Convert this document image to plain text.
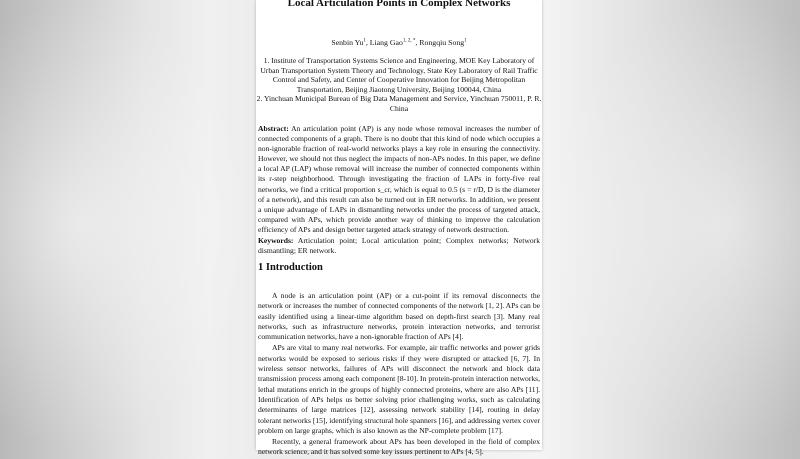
Local Articulation Points in Complex Networks
Senbin Yu$^1$, Liang Gao$^{1, 2, *}$, Rongqiu Song$^1$

1. Institute of Transportation Systems Science and Engineering, MOE Key Laboratory of Urban Transportation System Theory and Technology, State Key Laboratory of Rail Traffic Control and Safety, and Center of Cooperative Innovation for Beijing Metropolitan Transportation, Beijing Jiaotong University, Beijing 100044, China

2. Yinchuan Municipal Bureau of Big Data Management and Service, Yinchuan 750011, P. R. China

Abstract: An articulation point (AP) is any node whose removal increases the number of connected components of a graph. There is no doubt that this kind of node which occupies a non-ignorable fraction of real-world networks plays a key role in ensuring the connectivity. However, we should not thus neglect the impacts of non-APs nodes. In this paper, we define a local AP (LAP) whose removal will increase the number of connected components within its r-step neighborhood. Through investigating the fraction of LAPs in forty-five real networks, we find a critical proportion s_cr, which is equal to 0.5 (s = r/D, D is the diameter of a network), and this result can also be turned out in ER networks. In addition, we present a unique advantage of LAPs in dismantling networks under the process of targeted attack, compared with APs, which provide another way of thinking to improve the calculation efficiency of APs and design better targeted attack strategy of network destruction.

Keywords: Articulation point; Local articulation point; Complex networks; Network dismantling; ER network.

1 Introduction

A node is an articulation point (AP) or a cut-point if its removal disconnects the network or increases the number of connected components of the network [1, 2]. APs can be easily identified using a linear-time algorithm based on depth-first search [3]. Many real networks, such as infrastructure networks, protein interaction networks, and terrorist communication networks, have a non-ignorable fraction of APs [4].

APs are vital to many real networks. For example, air traffic networks and power grids networks would be exposed to serious risks if they were disrupted or attacked [6, 7]. In wireless sensor networks, failures of APs will disconnect the network and block data transmission process among each component [8-10]. In protein-protein interaction networks, lethal mutations enrich in the groups of highly connected proteins, where are also APs [11]. Identification of APs helps us better solving prior challenging works, such as calculating determinants of large matrices [12], assessing network stability [14], routing in delay tolerant networks [15], identifying structural hole spanners [16], and addressing vertex cover problem on large graphs, which is also known as the NP-complete problem [17].

Recently, a general framework about APs has been developed in the field of complex network science, and it has solved some key issues pertinent to APs [4, 5].
